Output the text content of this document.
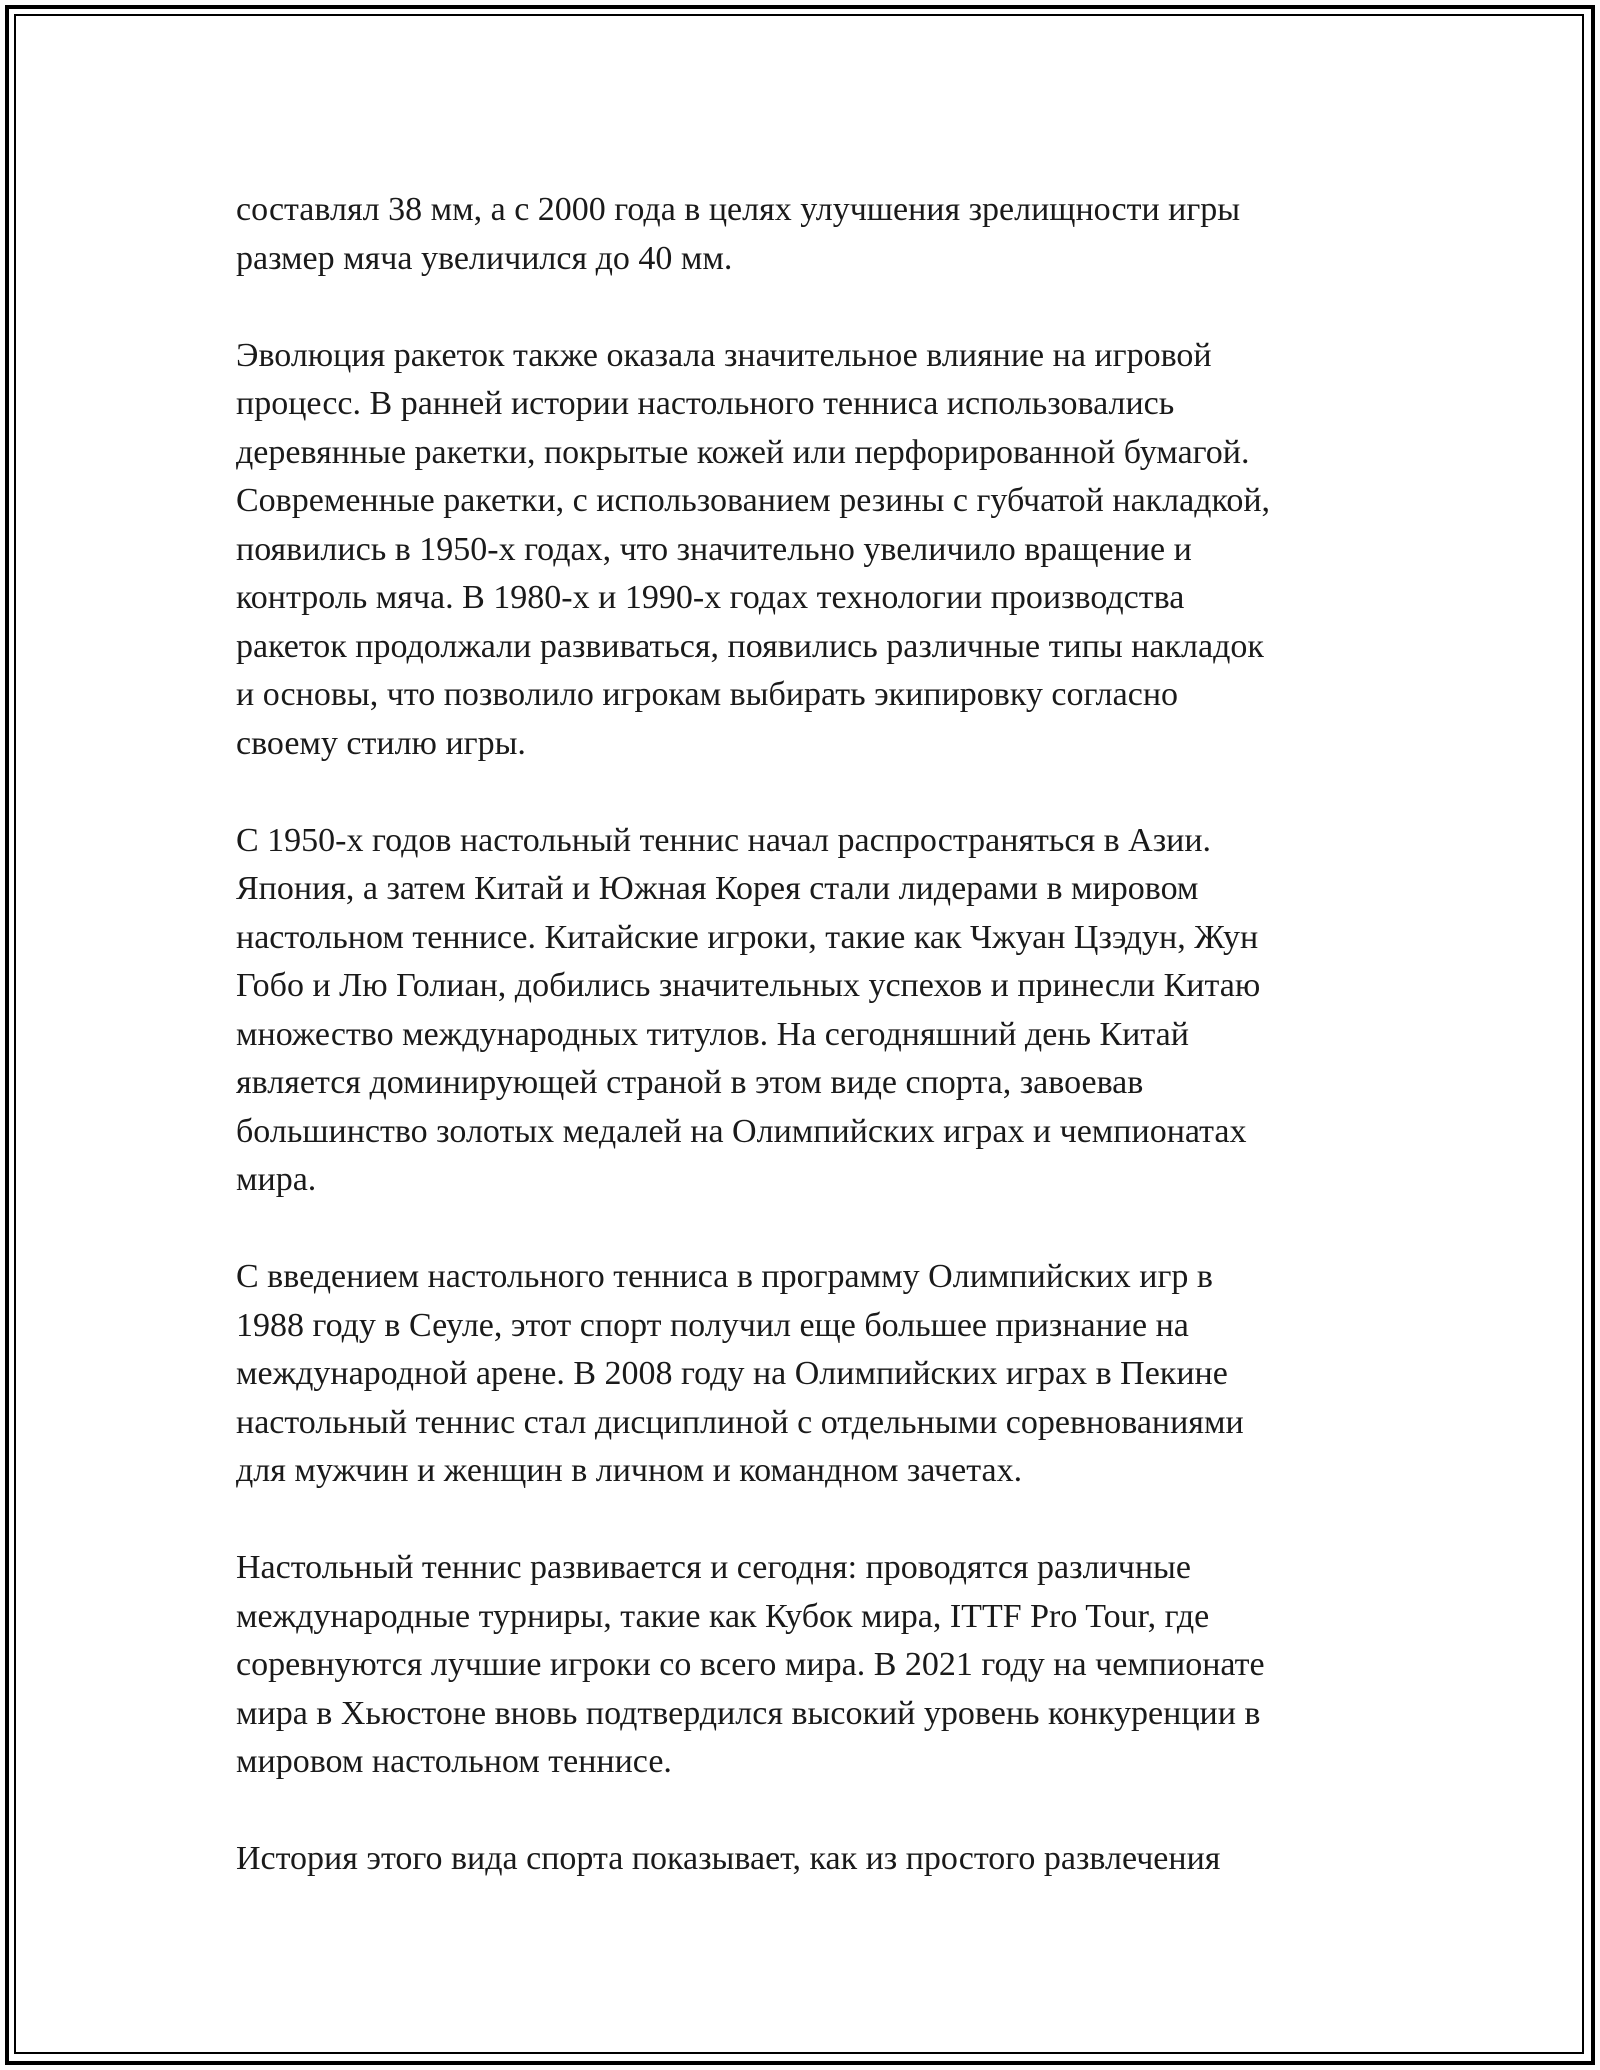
составлял 38 мм, а с 2000 года в целях улучшения зрелищности игры
размер мяча увеличился до 40 мм.

Эволюция ракеток также оказала значительное влияние на игровой
процесс. В ранней истории настольного тенниса использовались
деревянные ракетки, покрытые кожей или перфорированной бумагой.
Современные ракетки, с использованием резины с губчатой накладкой,
появились в 1950-х годах, что значительно увеличило вращение и
контроль мяча. В 1980-х и 1990-х годах технологии производства
ракеток продолжали развиваться, появились различные типы накладок
и основы, что позволило игрокам выбирать экипировку согласно
своему стилю игры.

С 1950-х годов настольный теннис начал распространяться в Азии.
Япония, а затем Китай и Южная Корея стали лидерами в мировом
настольном теннисе. Китайские игроки, такие как Чжуан Цзэдун, Жун
Гобо и Лю Голиан, добились значительных успехов и принесли Китаю
множество международных титулов. На сегодняшний день Китай
является доминирующей страной в этом виде спорта, завоевав
большинство золотых медалей на Олимпийских играх и чемпионатах
мира.

С введением настольного тенниса в программу Олимпийских игр в
1988 году в Сеуле, этот спорт получил еще большее признание на
международной арене. В 2008 году на Олимпийских играх в Пекине
настольный теннис стал дисциплиной с отдельными соревнованиями
для мужчин и женщин в личном и командном зачетах.

Настольный теннис развивается и сегодня: проводятся различные
международные турниры, такие как Кубок мира, ITTF Pro Tour, где
соревнуются лучшие игроки со всего мира. В 2021 году на чемпионате
мира в Хьюстоне вновь подтвердился высокий уровень конкуренции в
мировом настольном теннисе.

История этого вида спорта показывает, как из простого развлечения
